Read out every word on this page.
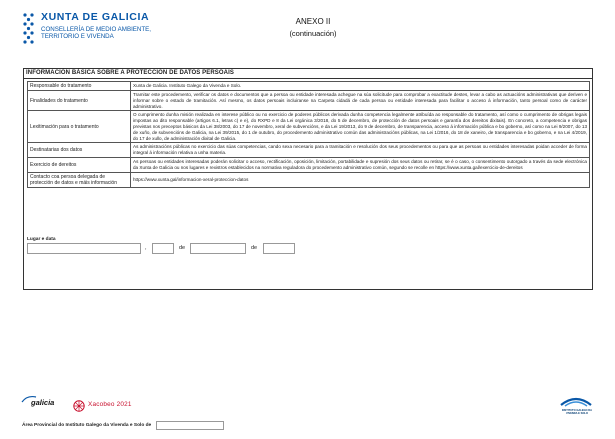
XUNTA DE GALICIA
CONSELLERÍA DE MEDIO AMBIENTE, TERRITORIO E VIVENDA
ANEXO II
(continuación)
INFORMACIÓN BÁSICA SOBRE A PROTECCIÓN DE DATOS PERSOAIS
Responsable do tratamento	Xunta de Galicia. Instituto Galego da Vivenda e Solo.
Finalidades do tratamento	Tramitar este procedemento, verificar os datos e documentos que a persoa ou entidade interesada achegue na súa solicitude para comprobar a exactitude destes, levar a cabo as actuacións administrativas que deriven e informar sobre o estado de tramitación. Así mesmo, os datos persoais incluiranse na Carpeta cidadá de cada persoa ou entidade interesada para facilitar o acceso á información, tanto persoal como de carácter administrativo.
Lexitimación para o tratamento	O cumprimento dunha misión realizada en interese público ou no exercicio de poderes públicos derivada dunha competencia legalmente atribuída ao responsable do tratamento, así como o cumprimento de obrigas legais impostas ao dito responsable (artigos 6.1, letras c) e e), do RXPD e 8 da Lei orgánica 3/2018, do 5 de decembro, de protección de datos persoais e garantía dos dereitos dixitais). En concreto, a competencia e obrigas previstas nos preceptos básicos da Lei 38/2003, do 17 de novembro, xeral de subvencións, e da Lei 19/2013, do 9 de decembro, de transparencia, acceso á información pública e bo goberno, así como na Lei 9/2007, do 13 de xuño, de subvencións de Galicia, na Lei 39/2015, do 1 de outubro, do procedemento administrativo común das administracións públicas, na Lei 1/2016, do 18 de xaneiro, de transparencia e bo goberno, e na Lei 4/2019, do 17 de xullo, de administración dixital de Galicia.
Destinatarias dos datos	As administracións públicas no exercicio das súas competencias, cando sexa necesario para a tramitación e resolución dos seus procedementos ou para que as persoas ou entidades interesadas poidan acceder de forma integral á información relativa a unha materia.
Exercicio de dereitos	As persoas ou entidades interesadas poderán solicitar o acceso, rectificación, oposición, limitación, portabilidade e supresión dos seus datos ou retirar, se é o caso, o consentimento outorgado a través da sede electrónica da Xunta de Galicia ou nos lugares e rexistros establecidos na normativa reguladora do procedemento administrativo común, segundo se recolle en https://www.xunta.gal/exercicio-de-dereitos
Contacto coa persoa delegada de protección de datos e máis información	https://www.xunta.gal/informacion-xeral-proteccion-datos
Lugar e data
,	de	de
galicia	Xacobeo 2021
INSTITUTO GALEGO DA VIVENDA E SOLO
Área Provincial do Instituto Galego da Vivenda e Solo de
